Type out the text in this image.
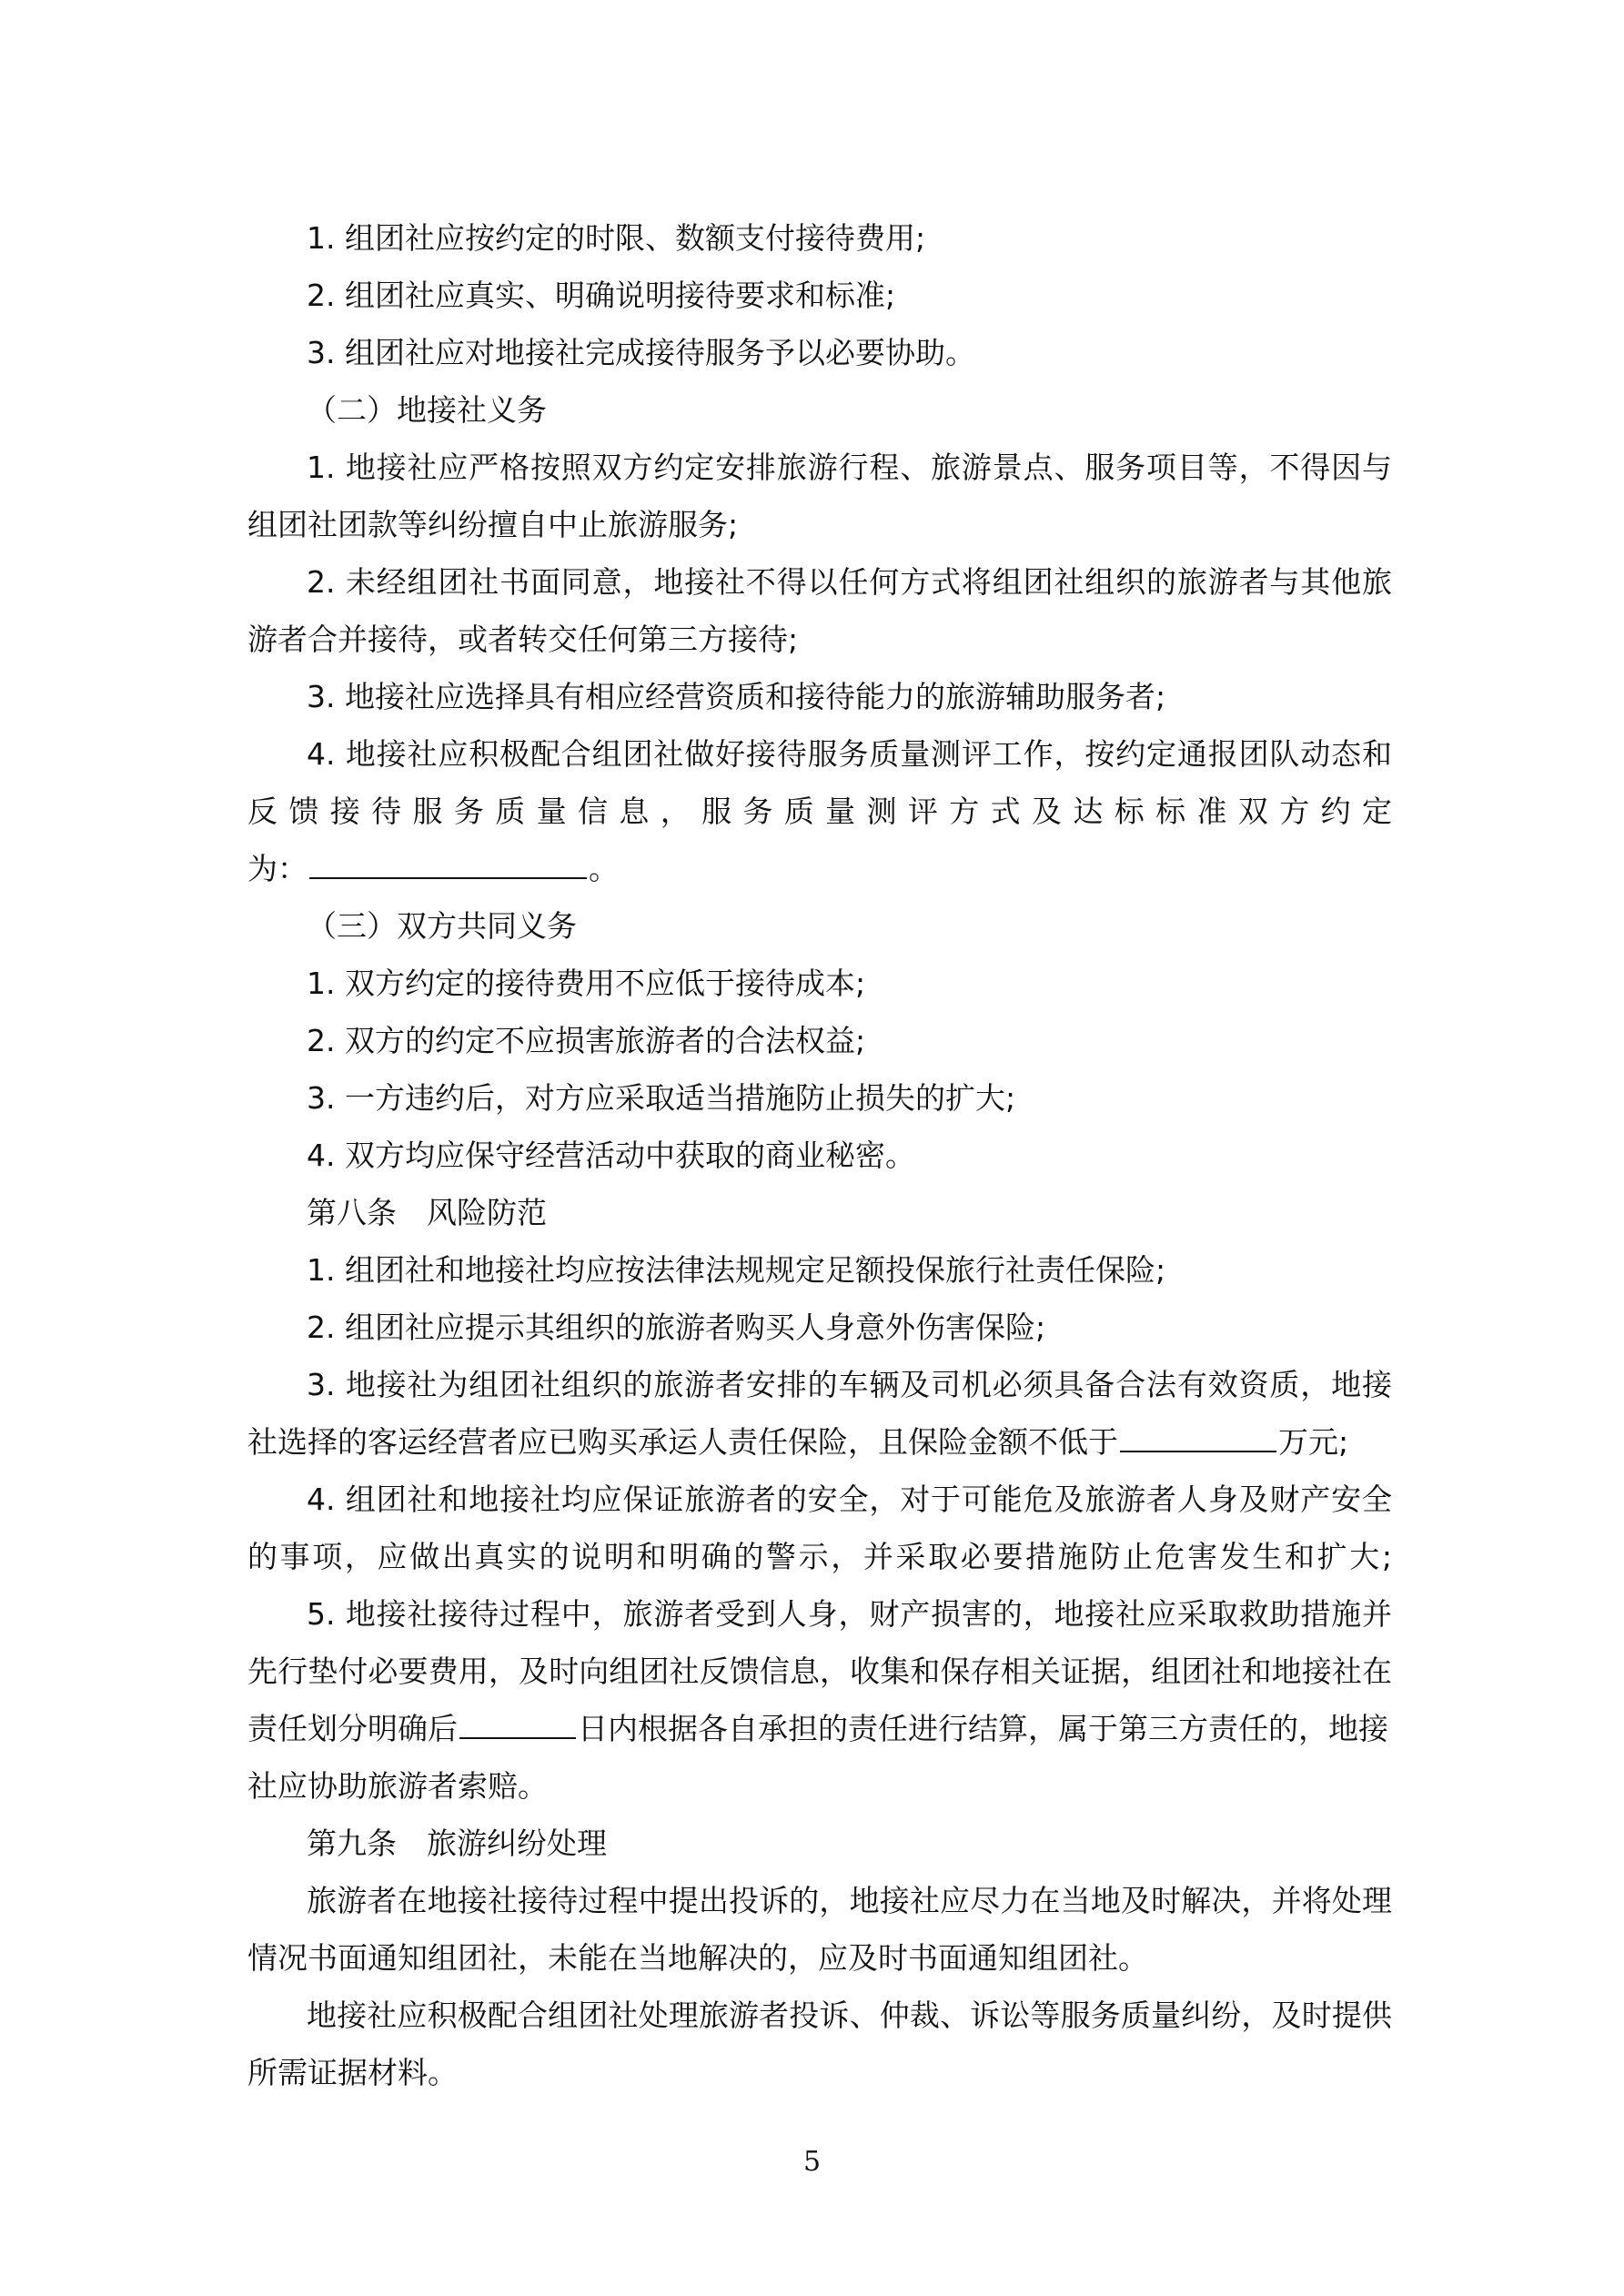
1. 组团社应按约定的时限、数额支付接待费用;
2. 组团社应真实、明确说明接待要求和标准;
3. 组团社应对地接社完成接待服务予以必要协助。
（二）地接社义务
1. 地接社应严格按照双方约定安排旅游行程、旅游景点、服务项目等，不得因与
组团社团款等纠纷擅自中止旅游服务;
2. 未经组团社书面同意，地接社不得以任何方式将组团社组织的旅游者与其他旅
游者合并接待，或者转交任何第三方接待;
3. 地接社应选择具有相应经营资质和接待能力的旅游辅助服务者;
4. 地接社应积极配合组团社做好接待服务质量测评工作，按约定通报团队动态和
反馈接待服务质量信息，服务质量测评方式及达标标准双方约定
为：	。
（三）双方共同义务
1. 双方约定的接待费用不应低于接待成本;
2. 双方的约定不应损害旅游者的合法权益;
3. 一方违约后，对方应采取适当措施防止损失的扩大;
4. 双方均应保守经营活动中获取的商业秘密。
第八条　风险防范
1. 组团社和地接社均应按法律法规规定足额投保旅行社责任保险;
2. 组团社应提示其组织的旅游者购买人身意外伤害保险;
3. 地接社为组团社组织的旅游者安排的车辆及司机必须具备合法有效资质，地接
社选择的客运经营者应已购买承运人责任保险，且保险金额不低于	万元;
4. 组团社和地接社均应保证旅游者的安全，对于可能危及旅游者人身及财产安全
的事项，应做出真实的说明和明确的警示，并采取必要措施防止危害发生和扩大;
5. 地接社接待过程中，旅游者受到人身，财产损害的，地接社应采取救助措施并
先行垫付必要费用，及时向组团社反馈信息，收集和保存相关证据，组团社和地接社在
责任划分明确后	日内根据各自承担的责任进行结算，属于第三方责任的，地接
社应协助旅游者索赔。
第九条　旅游纠纷处理
旅游者在地接社接待过程中提出投诉的，地接社应尽力在当地及时解决，并将处理
情况书面通知组团社，未能在当地解决的，应及时书面通知组团社。
地接社应积极配合组团社处理旅游者投诉、仲裁、诉讼等服务质量纠纷，及时提供
所需证据材料。
5
